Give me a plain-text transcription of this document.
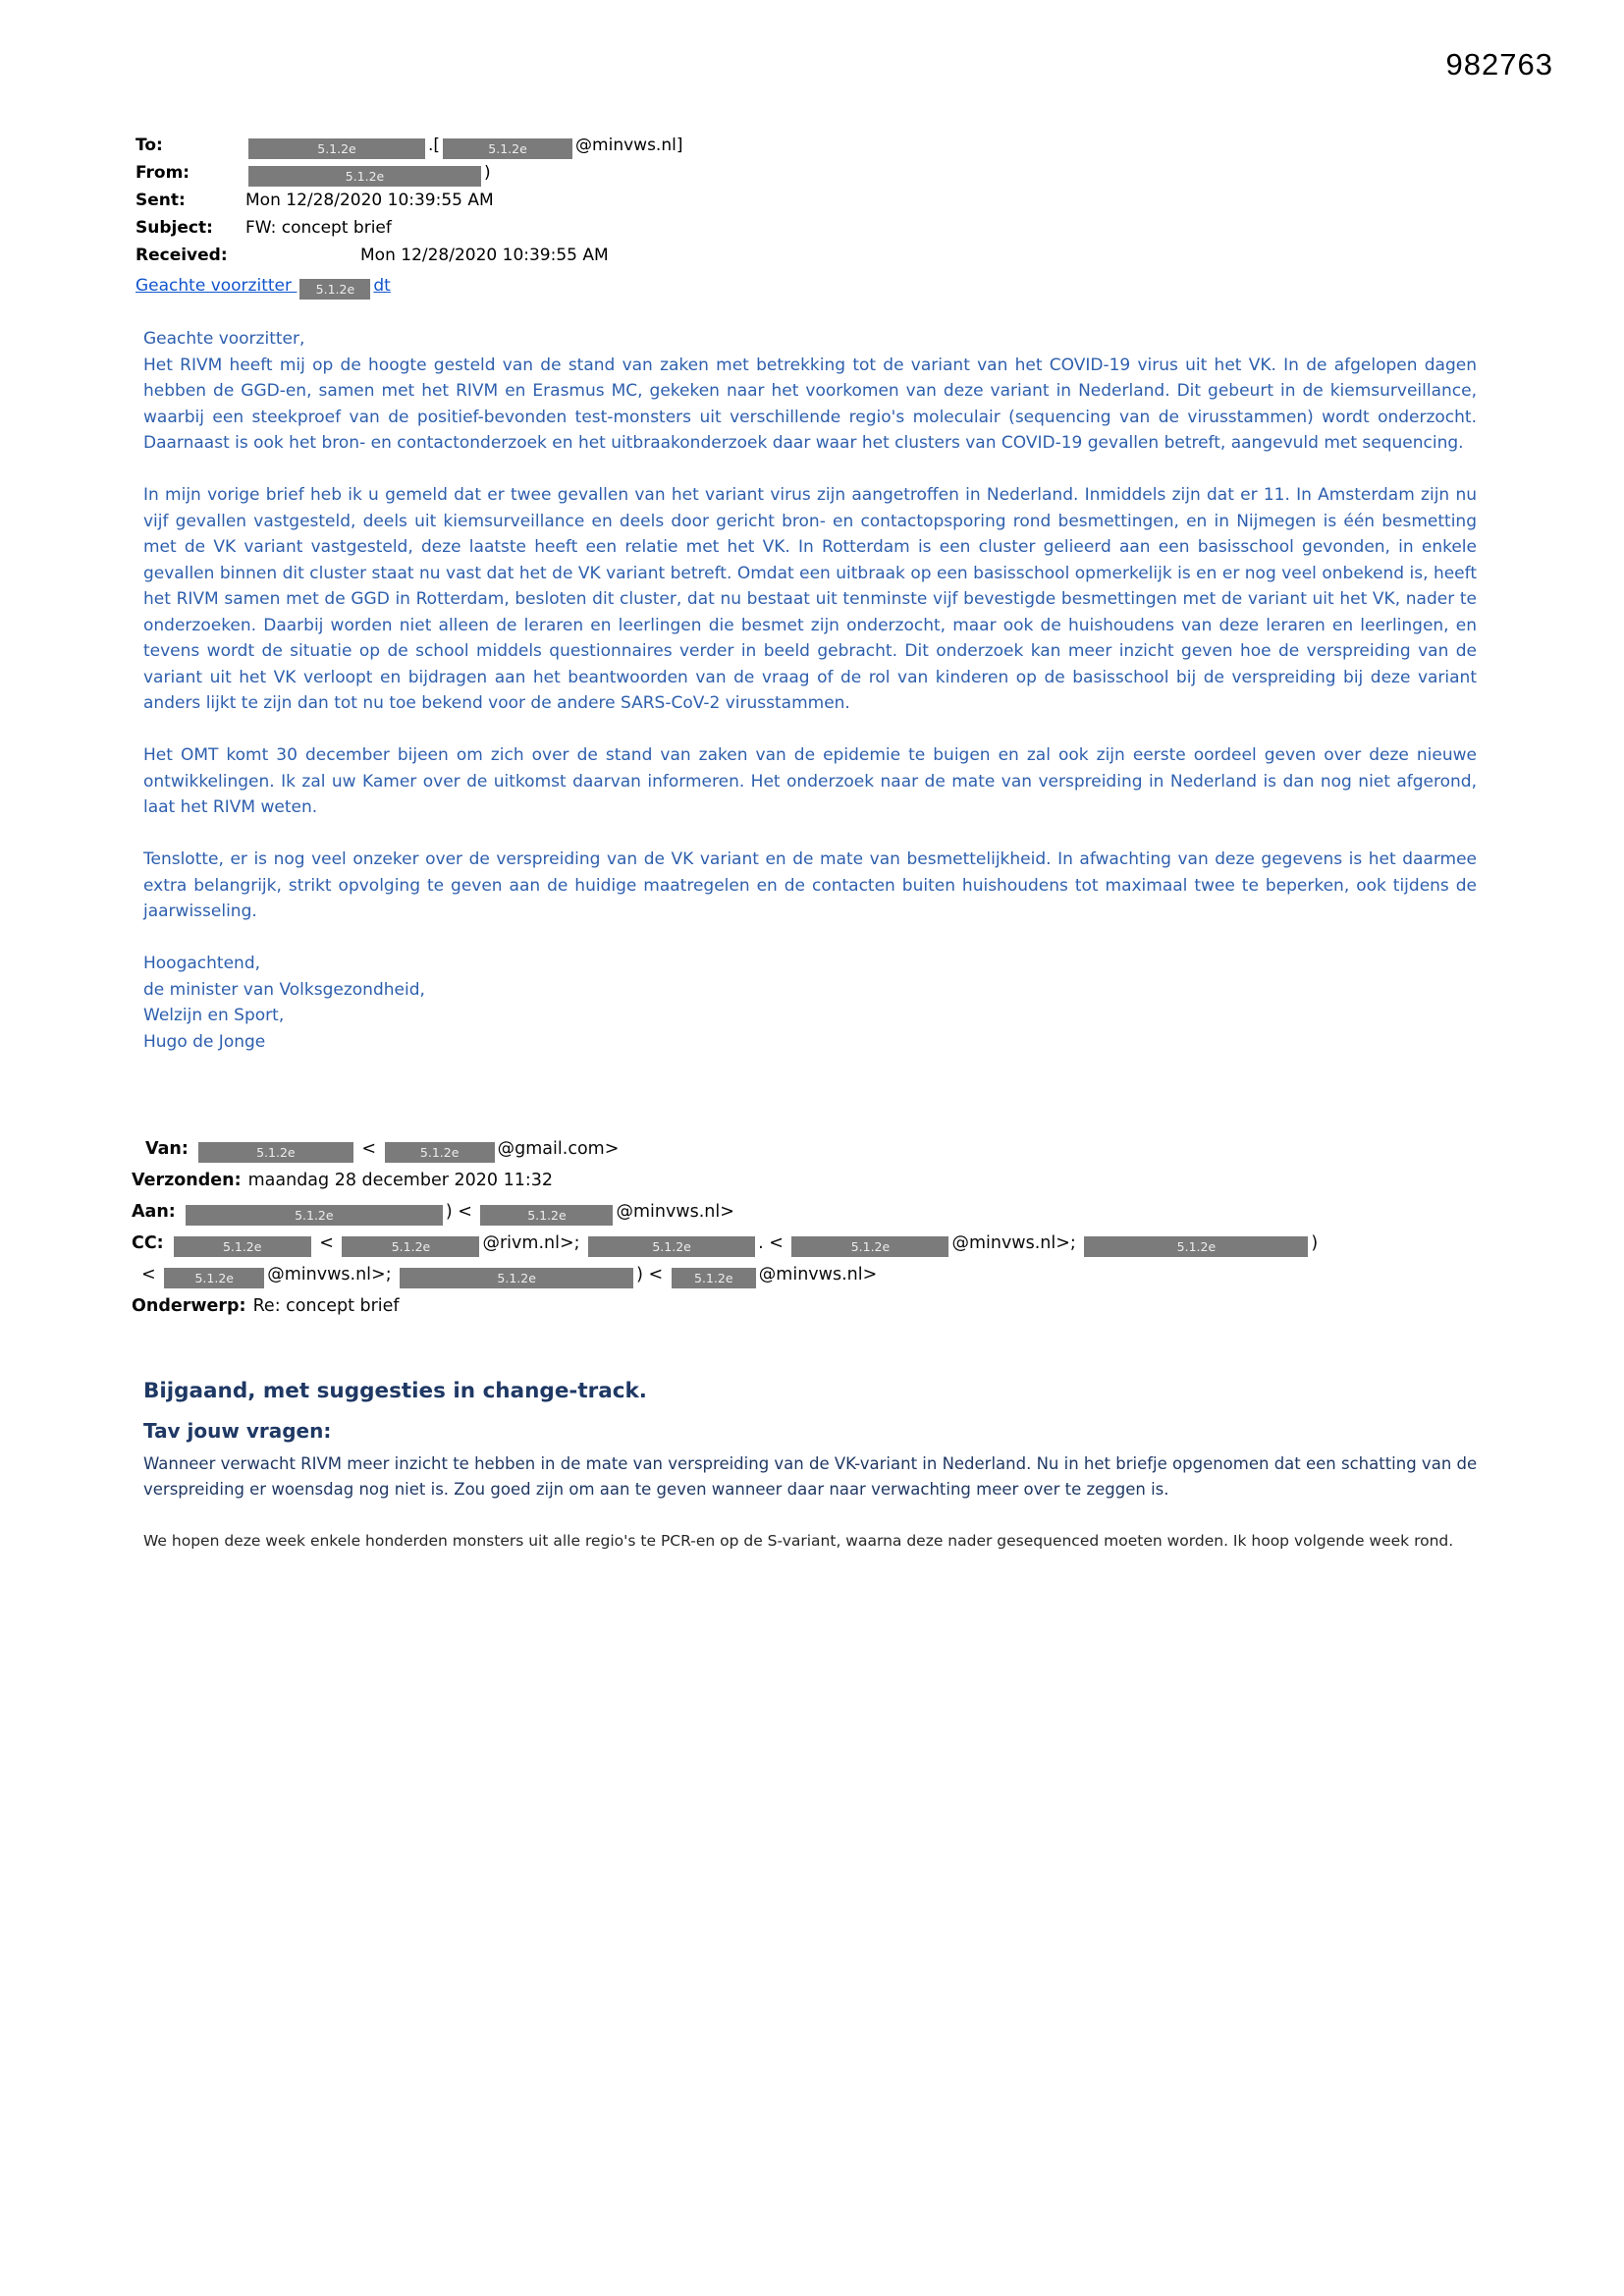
982763
To:	5.1.2e	.[	5.1.2e	@minvws.nl]
From:	5.1.2e	)
Sent:	Mon 12/28/2020 10:39:55 AM
Subject:	FW: concept brief
Received:	Mon 12/28/2020 10:39:55 AM
Geachte voorzitter 5.1.2e dt

Geachte voorzitter,

Het RIVM heeft mij op de hoogte gesteld van de stand van zaken met betrekking tot de variant van het COVID-19 virus uit het VK. In de afgelopen dagen hebben de GGD-en, samen met het RIVM en Erasmus MC, gekeken naar het voorkomen van deze variant in Nederland. Dit gebeurt in de kiemsurveillance, waarbij een steekproef van de positief-bevonden test-monsters uit verschillende regio's moleculair (sequencing van de virusstammen) wordt onderzocht. Daarnaast is ook het bron- en contactonderzoek en het uitbraakonderzoek daar waar het clusters van COVID-19 gevallen betreft, aangevuld met sequencing.

In mijn vorige brief heb ik u gemeld dat er twee gevallen van het variant virus zijn aangetroffen in Nederland. Inmiddels zijn dat er 11. In Amsterdam zijn nu vijf gevallen vastgesteld, deels uit kiemsurveillance en deels door gericht bron- en contactopsporing rond besmettingen, en in Nijmegen is één besmetting met de VK variant vastgesteld, deze laatste heeft een relatie met het VK. In Rotterdam is een cluster gelieerd aan een basisschool gevonden, in enkele gevallen binnen dit cluster staat nu vast dat het de VK variant betreft. Omdat een uitbraak op een basisschool opmerkelijk is en er nog veel onbekend is, heeft het RIVM samen met de GGD in Rotterdam, besloten dit cluster, dat nu bestaat uit tenminste vijf bevestigde besmettingen met de variant uit het VK, nader te onderzoeken. Daarbij worden niet alleen de leraren en leerlingen die besmet zijn onderzocht, maar ook de huishoudens van deze leraren en leerlingen, en tevens wordt de situatie op de school middels questionnaires verder in beeld gebracht. Dit onderzoek kan meer inzicht geven hoe de verspreiding van de variant uit het VK verloopt en bijdragen aan het beantwoorden van de vraag of de rol van kinderen op de basisschool bij de verspreiding bij deze variant anders lijkt te zijn dan tot nu toe bekend voor de andere SARS-CoV-2 virusstammen.

Het OMT komt 30 december bijeen om zich over de stand van zaken van de epidemie te buigen en zal ook zijn eerste oordeel geven over deze nieuwe ontwikkelingen. Ik zal uw Kamer over de uitkomst daarvan informeren. Het onderzoek naar de mate van verspreiding in Nederland is dan nog niet afgerond, laat het RIVM weten.

Tenslotte, er is nog veel onzeker over de verspreiding van de VK variant en de mate van besmettelijkheid. In afwachting van deze gegevens is het daarmee extra belangrijk, strikt opvolging te geven aan de huidige maatregelen en de contacten buiten huishoudens tot maximaal twee te beperken, ook tijdens de jaarwisseling.

Hoogachtend,

de minister van Volksgezondheid,

Welzijn en Sport,

Hugo de Jonge

Van:	5.1.2e	<	5.1.2e @gmail.com>
Verzonden: maandag 28 december 2020 11:32
Aan:	5.1.2e	) <	5.1.2e	@minvws.nl>
CC:	5.1.2e	<	5.1.2e	@rivm.nl>;	5.1.2e	. <	5.1.2e	@minvws.nl>;	5.1.2e	)
<	5.1.2e @minvws.nl>;	5.1.2e	) < 5.1.2e @minvws.nl>
Onderwerp: Re: concept brief
Bijgaand, met suggesties in change-track.
Tav jouw vragen:
Wanneer verwacht RIVM meer inzicht te hebben in de mate van verspreiding van de VK-variant in Nederland. Nu in het briefje opgenomen dat een schatting van de verspreiding er woensdag nog niet is. Zou goed zijn om aan te geven wanneer daar naar verwachting meer over te zeggen is.
We hopen deze week enkele honderden monsters uit alle regio's te PCR-en op de S-variant, waarna deze nader gesequenced moeten worden. Ik hoop volgende week rond.
